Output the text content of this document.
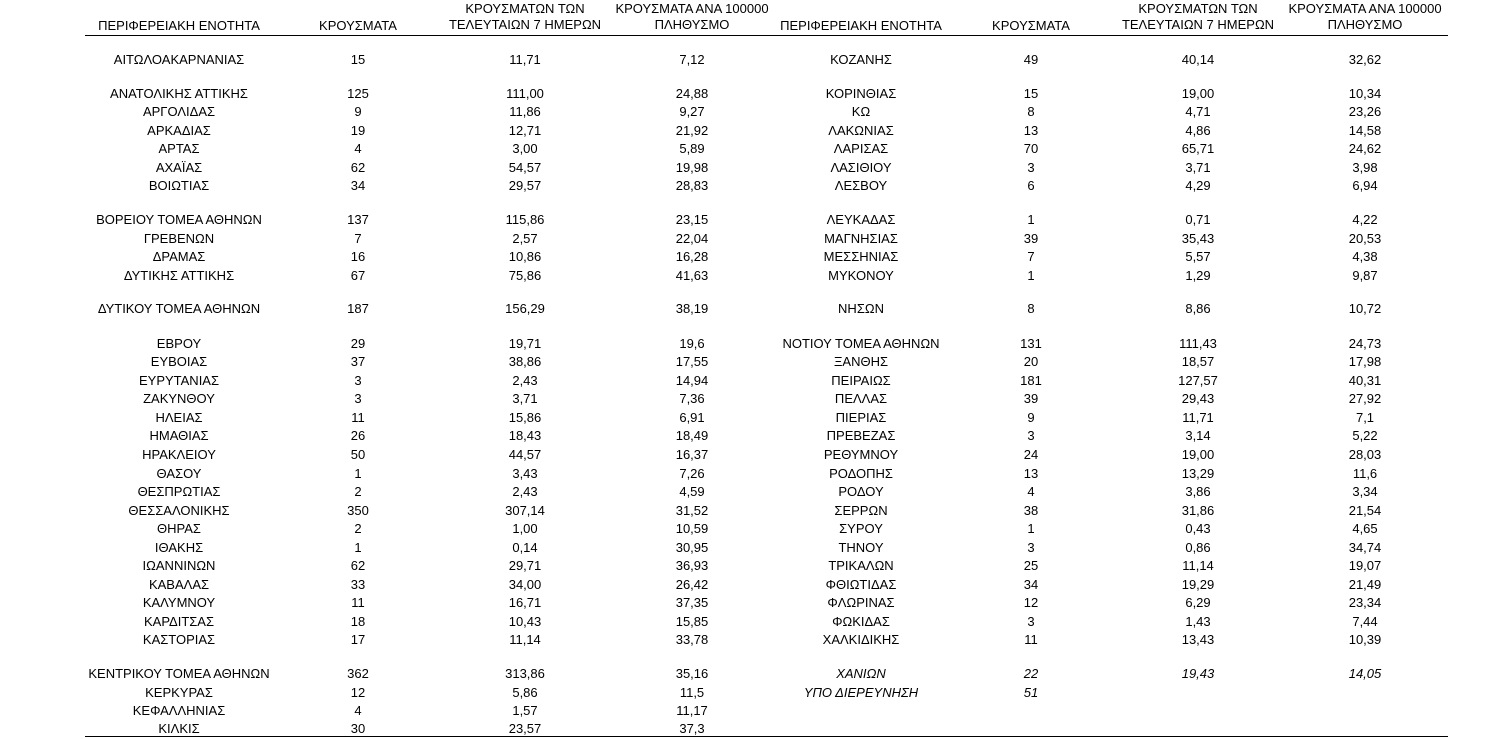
ΠΕΡΙΦΕΡΕΙΑΚΗ ΕΝΟΤΗΤΑ	ΚΡΟΥΣΜΑΤΑ
ΚΡΟΥΣΜΑΤΩΝ ΤΩΝ
ΤΕΛΕΥΤΑΙΩΝ 7 ΗΜΕΡΩΝ
ΚΡΟΥΣΜΑΤΑ ΑΝΑ 100000
ΠΛΗΘΥΣΜΟ	ΠΕΡΙΦΕΡΕΙΑΚΗ ΕΝΟΤΗΤΑ	ΚΡΟΥΣΜΑΤΑ
ΚΡΟΥΣΜΑΤΩΝ ΤΩΝ
ΤΕΛΕΥΤΑΙΩΝ 7 ΗΜΕΡΩΝ
ΚΡΟΥΣΜΑΤΑ ΑΝΑ 100000
ΠΛΗΘΥΣΜΟ
ΑΙΤΩΛΟΑΚΑΡΝΑΝΙΑΣ	15	11,71	7,12
ΑΝΑΤΟΛΙΚΗΣ ΑΤΤΙΚΗΣ	125	111,00	24,88
ΑΡΓΟΛΙΔΑΣ	9	11,86	9,27
ΑΡΚΑΔΙΑΣ	19	12,71	21,92
ΑΡΤΑΣ	4	3,00	5,89
ΑΧΑΪΑΣ	62	54,57	19,98
ΒΟΙΩΤΙΑΣ	34	29,57	28,83
ΒΟΡΕΙΟΥ ΤΟΜΕΑ ΑΘΗΝΩΝ	137	115,86	23,15
ΓΡΕΒΕΝΩΝ	7	2,57	22,04
ΔΡΑΜΑΣ	16	10,86	16,28
ΔΥΤΙΚΗΣ ΑΤΤΙΚΗΣ	67	75,86	41,63
ΔΥΤΙΚΟΥ ΤΟΜΕΑ ΑΘΗΝΩΝ	187	156,29	38,19
ΕΒΡΟΥ	29	19,71	19,6
ΕΥΒΟΙΑΣ	37	38,86	17,55
ΕΥΡΥΤΑΝΙΑΣ	3	2,43	14,94
ΖΑΚΥΝΘΟΥ	3	3,71	7,36
ΗΛΕΙΑΣ	11	15,86	6,91
ΗΜΑΘΙΑΣ	26	18,43	18,49
ΗΡΑΚΛΕΙΟΥ	50	44,57	16,37
ΘΑΣΟΥ	1	3,43	7,26
ΘΕΣΠΡΩΤΙΑΣ	2	2,43	4,59
ΘΕΣΣΑΛΟΝΙΚΗΣ	350	307,14	31,52
ΘΗΡΑΣ	2	1,00	10,59
ΙΘΑΚΗΣ	1	0,14	30,95
ΙΩΑΝΝΙΝΩΝ	62	29,71	36,93
ΚΑΒΑΛΑΣ	33	34,00	26,42
ΚΑΛΥΜΝΟΥ	11	16,71	37,35
ΚΑΡΔΙΤΣΑΣ	18	10,43	15,85
ΚΑΣΤΟΡΙΑΣ	17	11,14	33,78
ΚΕΝΤΡΙΚΟΥ ΤΟΜΕΑ ΑΘΗΝΩΝ	362	313,86	35,16
ΚΕΡΚΥΡΑΣ	12	5,86	11,5
ΚΕΦΑΛΛΗΝΙΑΣ	4	1,57	11,17
ΚΙΛΚΙΣ	30	23,57	37,3
ΚΟΖΑΝΗΣ	49	40,14	32,62
ΚΟΡΙΝΘΙΑΣ	15	19,00	10,34
ΚΩ	8	4,71	23,26
ΛΑΚΩΝΙΑΣ	13	4,86	14,58
ΛΑΡΙΣΑΣ	70	65,71	24,62
ΛΑΣΙΘΙΟΥ	3	3,71	3,98
ΛΕΣΒΟΥ	6	4,29	6,94
ΛΕΥΚΑΔΑΣ	1	0,71	4,22
ΜΑΓΝΗΣΙΑΣ	39	35,43	20,53
ΜΕΣΣΗΝΙΑΣ	7	5,57	4,38
ΜΥΚΟΝΟΥ	1	1,29	9,87
ΝΗΣΩΝ	8	8,86	10,72
ΝΟΤΙΟΥ ΤΟΜΕΑ ΑΘΗΝΩΝ	131	111,43	24,73
ΞΑΝΘΗΣ	20	18,57	17,98
ΠΕΙΡΑΙΩΣ	181	127,57	40,31
ΠΕΛΛΑΣ	39	29,43	27,92
ΠΙΕΡΙΑΣ	9	11,71	7,1
ΠΡΕΒΕΖΑΣ	3	3,14	5,22
ΡΕΘΥΜΝΟΥ	24	19,00	28,03
ΡΟΔΟΠΗΣ	13	13,29	11,6
ΡΟΔΟΥ	4	3,86	3,34
ΣΕΡΡΩΝ	38	31,86	21,54
ΣΥΡΟΥ	1	0,43	4,65
ΤΗΝΟΥ	3	0,86	34,74
ΤΡΙΚΑΛΩΝ	25	11,14	19,07
ΦΘΙΩΤΙΔΑΣ	34	19,29	21,49
ΦΛΩΡΙΝΑΣ	12	6,29	23,34
ΦΩΚΙΔΑΣ	3	1,43	7,44
ΧΑΛΚΙΔΙΚΗΣ	11	13,43	10,39
ΧΑΝΙΩΝ	22	19,43	14,05
ΥΠΟ ΔΙΕΡΕΥΝΗΣΗ	51
